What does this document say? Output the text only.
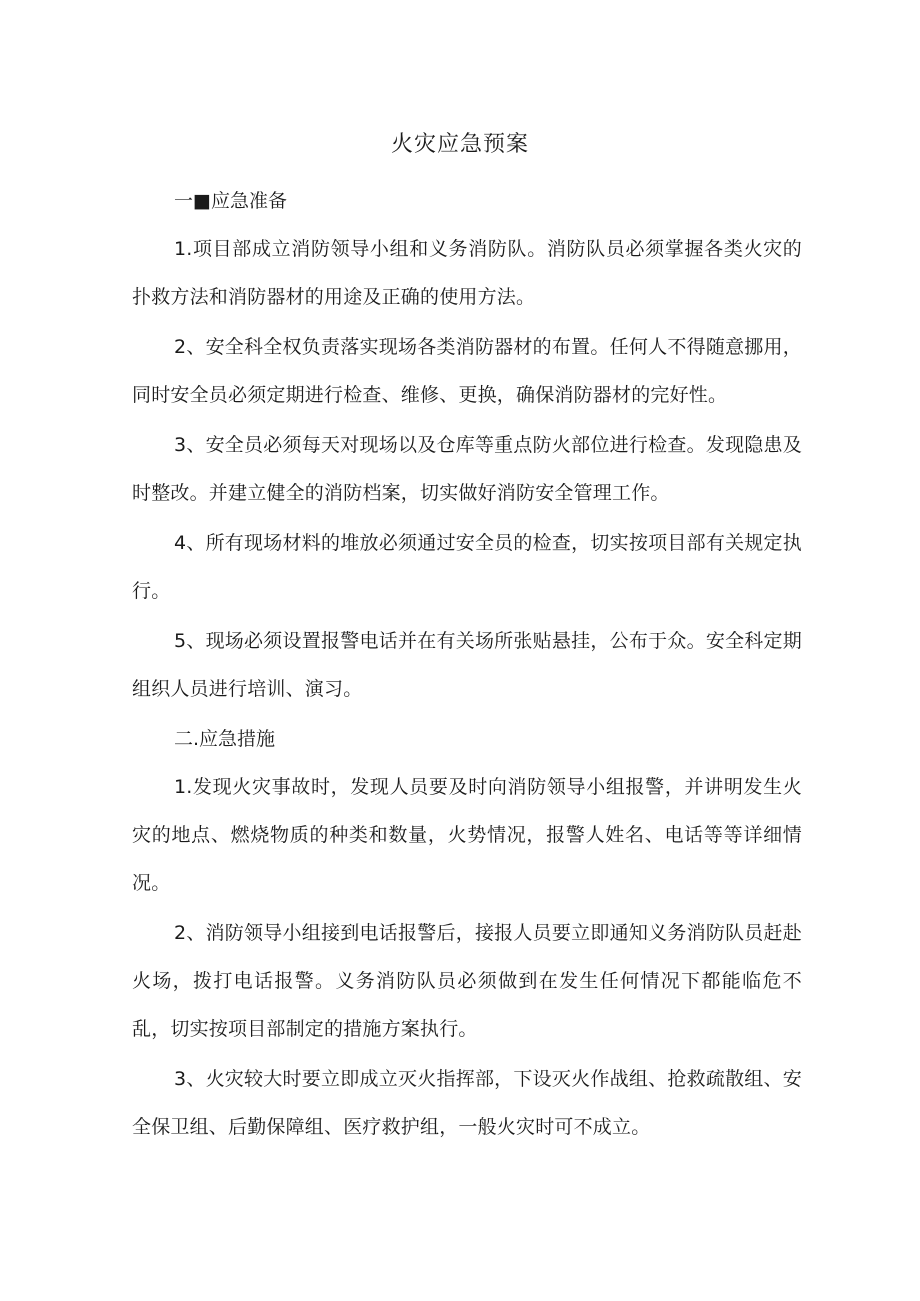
火灾应急预案
一■应急准备

1.项目部成立消防领导小组和义务消防队。消防队员必须掌握各类火灾的扑救方法和消防器材的用途及正确的使用方法。

2、安全科全权负责落实现场各类消防器材的布置。任何人不得随意挪用，同时安全员必须定期进行检查、维修、更换，确保消防器材的完好性。

3、安全员必须每天对现场以及仓库等重点防火部位进行检查。发现隐患及时整改。并建立健全的消防档案，切实做好消防安全管理工作。

4、所有现场材料的堆放必须通过安全员的检查，切实按项目部有关规定执行。

5、现场必须设置报警电话并在有关场所张贴悬挂，公布于众。安全科定期组织人员进行培训、演习。

二.应急措施

1.发现火灾事故时，发现人员要及时向消防领导小组报警，并讲明发生火灾的地点、燃烧物质的种类和数量，火势情况，报警人姓名、电话等等详细情况。

2、消防领导小组接到电话报警后，接报人员要立即通知义务消防队员赶赴火场，拨打电话报警。义务消防队员必须做到在发生任何情况下都能临危不乱，切实按项目部制定的措施方案执行。

3、火灾较大时要立即成立灭火指挥部，下设灭火作战组、抢救疏散组、安全保卫组、后勤保障组、医疗救护组，一般火灾时可不成立。
